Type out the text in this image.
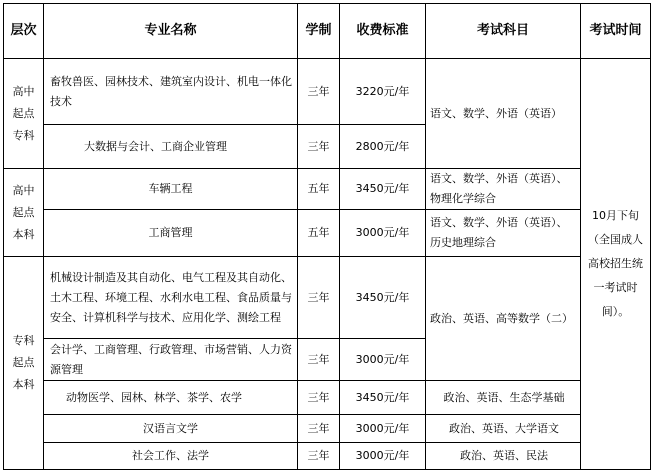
层次	专业名称	学制	收费标准	考试科目	考试时间
高中
起点
专科	畜牧兽医、园林技术、建筑室内设计、机电一体化技术	三年	3220元/年	语文、数学、外语（英语）	10月下旬（全国成人高校招生统一考试时间）。
	大数据与会计、工商企业管理	三年	2800元/年		
高中
起点
本科	车辆工程	五年	3450元/年	语文、数学、外语（英语）、物理化学综合	
	工商管理	五年	3000元/年	语文、数学、外语（英语）、历史地理综合	
专科
起点
本科	机械设计制造及其自动化、电气工程及其自动化、土木工程、环境工程、水利水电工程、食品质量与安全、计算机科学与技术、应用化学、测绘工程	三年	3450元/年	政治、英语、高等数学（二）	
	会计学、工商管理、行政管理、市场营销、人力资源管理	三年	3000元/年		
	动物医学、园林、林学、茶学、农学	三年	3450元/年	政治、英语、生态学基础	
	汉语言文学	三年	3000元/年	政治、英语、大学语文	
	社会工作、法学	三年	3000元/年	政治、英语、民法	
